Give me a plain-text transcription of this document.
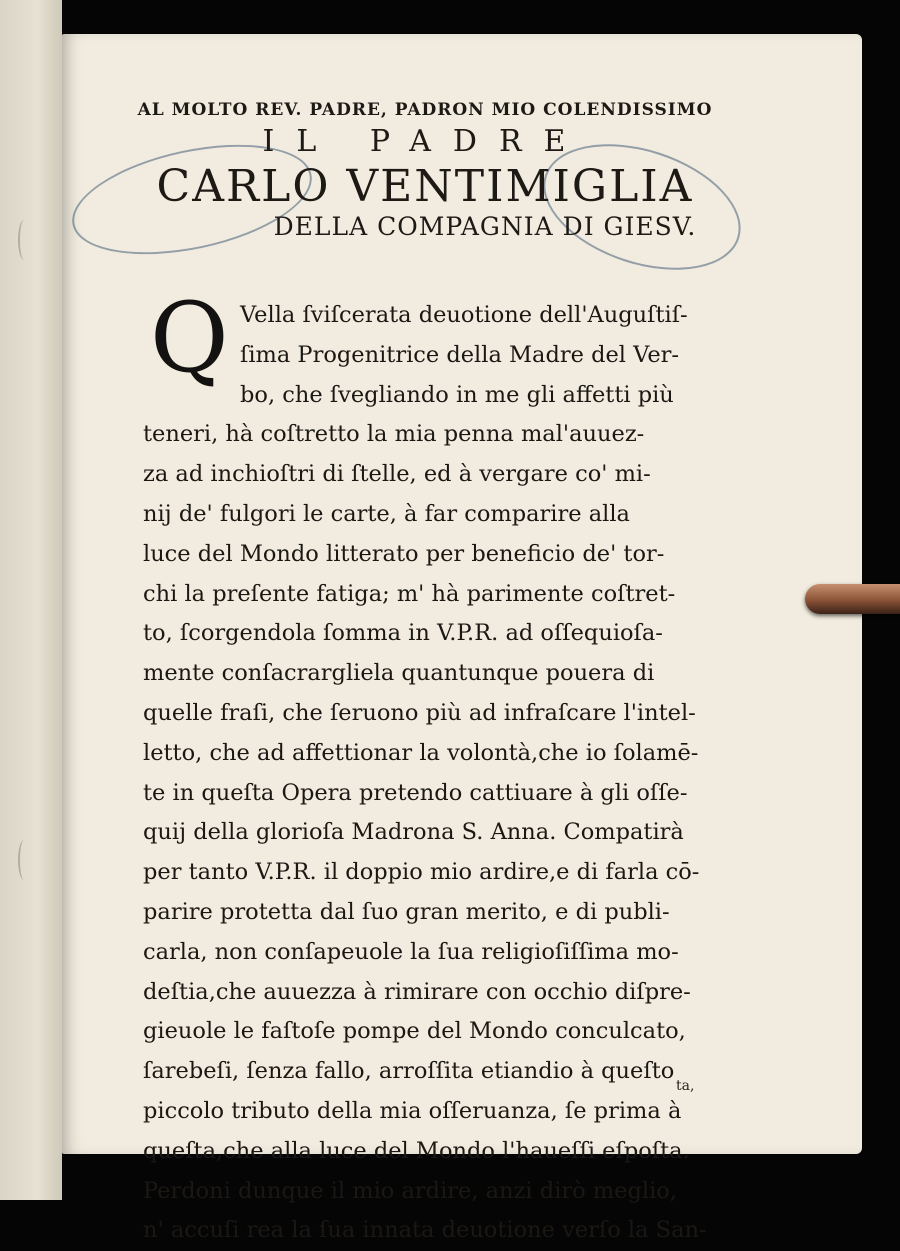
AL MOLTO REV. PADRE, PADRON MIO COLENDISSIMO
IL PADRE
CARLO VENTIMIGLIA
DELLA COMPAGNIA DI GIESV.
Q Vella ſviſcerata deuotione dell'Auguſtiſ-
ſima Progenitrice della Madre del Ver-
bo, che ſvegliando in me gli affetti più
teneri, hà coſtretto la mia penna mal'auuez-
za ad inchioſtri di ſtelle, ed à vergare co' mi-
nij de' fulgori le carte, à far comparire alla
luce del Mondo litterato per beneficio de' tor-
chi la preſente fatiga; m' hà parimente coſtret-
to, ſcorgendola ſomma in V.P.R. ad oſſequioſa-
mente conſacrargliela quantunque pouera di
quelle fraſi, che ſeruono più ad infraſcare l'intel-
letto, che ad affettionar la volontà,che io ſolamē-
te in queſta Opera pretendo cattiuare à gli oſſe-
quij della glorioſa Madrona S. Anna. Compatirà
per tanto V.P.R. il doppio mio ardire,e di farla cō-
parire protetta dal ſuo gran merito, e di publi-
carla, non conſapeuole la ſua religioſiſſima mo-
deſtia,che auuezza à rimirare con occhio diſpre-
gieuole le faſtoſe pompe del Mondo conculcato,
ſarebeſi, ſenza fallo, arroſſita etiandio à queſto
piccolo tributo della mia oſſeruanza, ſe prima à
queſta,che alla luce del Mondo l'haueſſi eſpoſta.
Perdoni dunque il mio ardire, anzi dirò meglio,
n' accuſi rea la ſua innata deuotione verſo la San-
ta,
